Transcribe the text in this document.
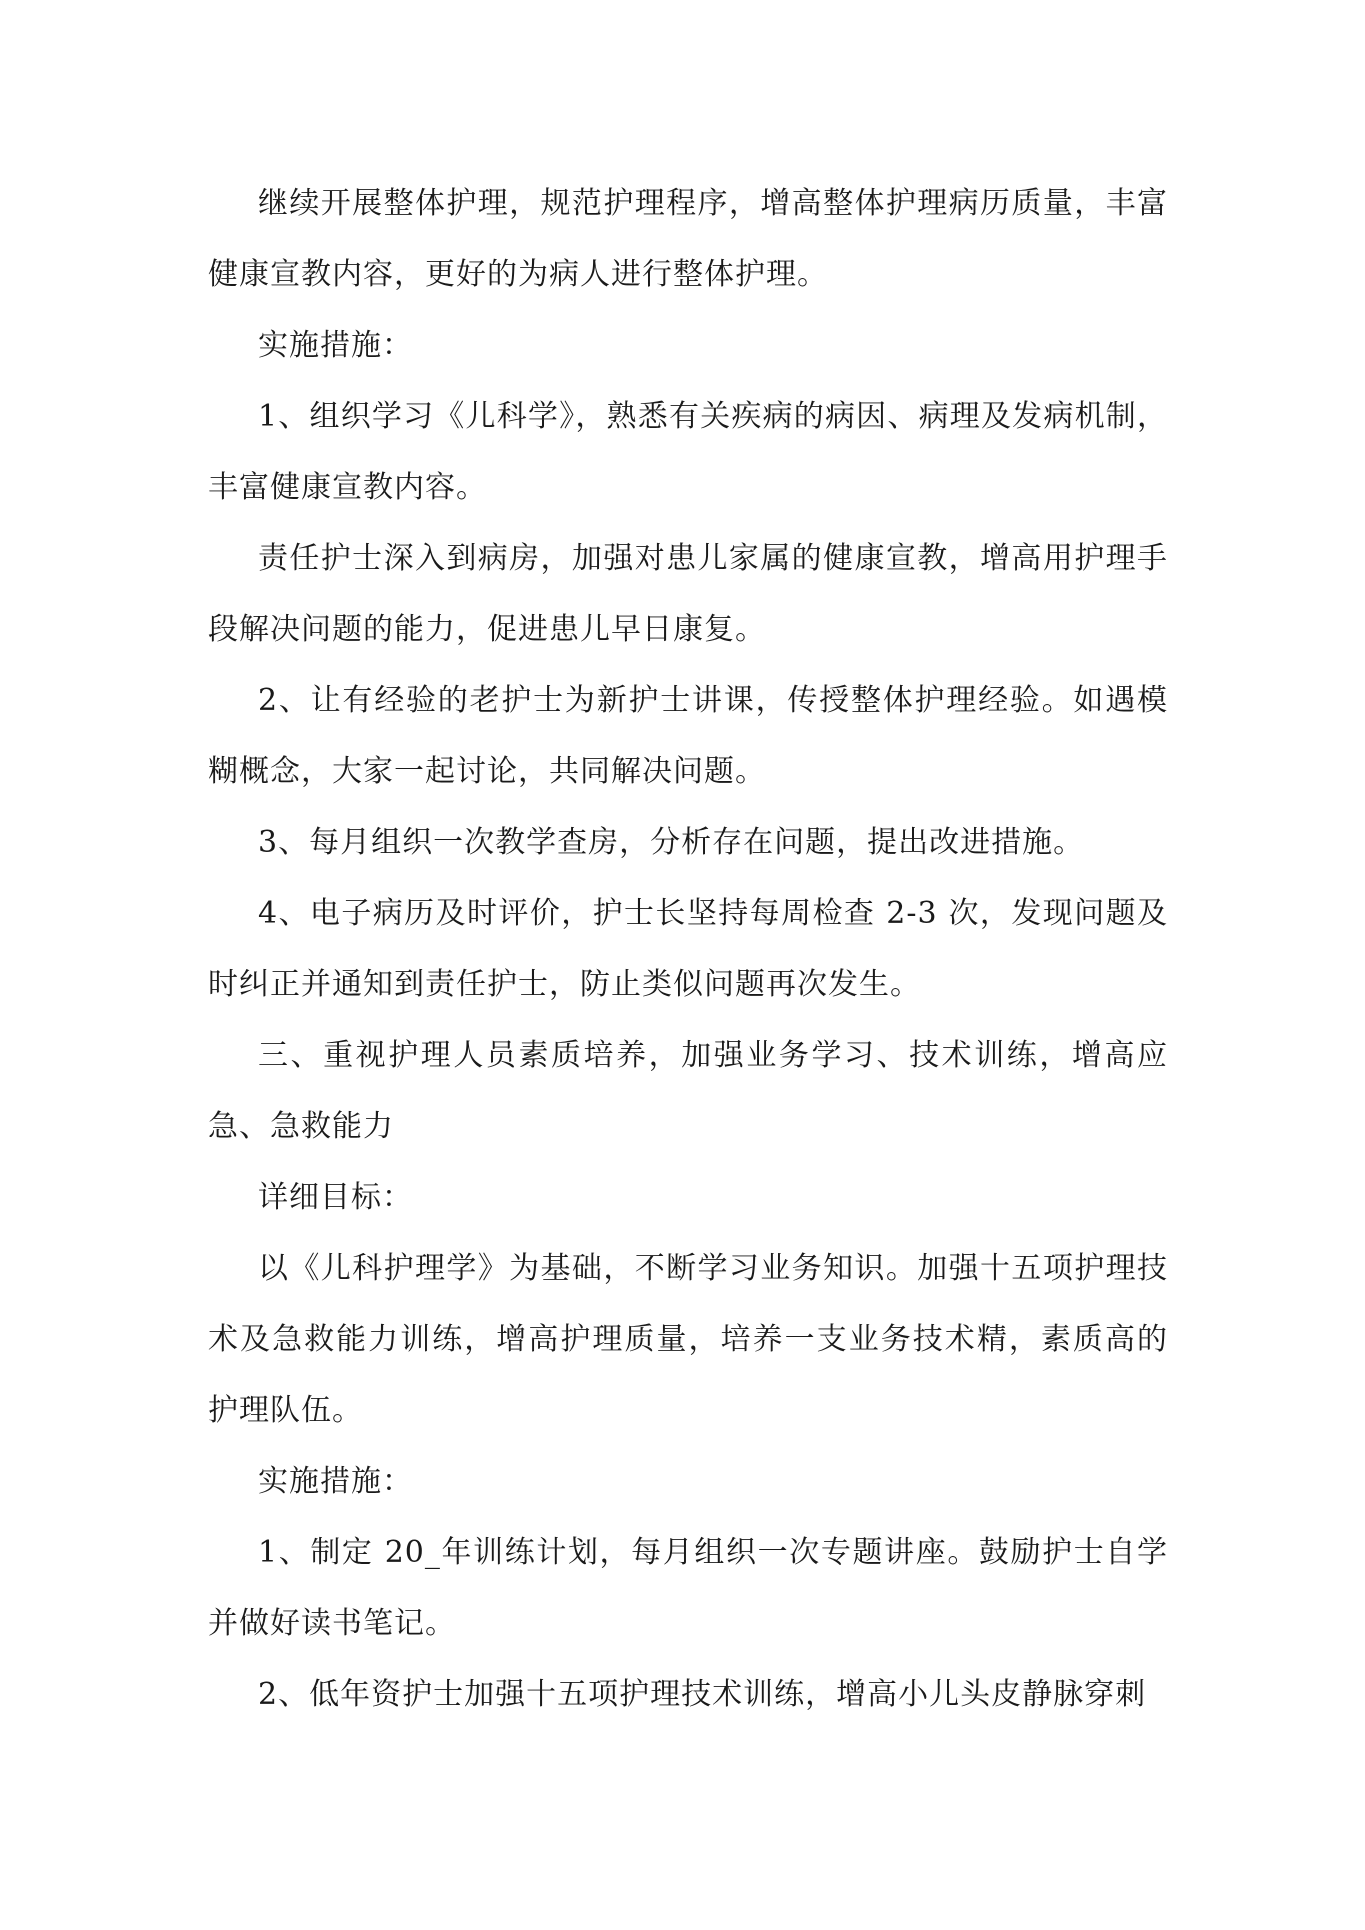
继续开展整体护理，规范护理程序，增高整体护理病历质量，丰富健康宣教内容，更好的为病人进行整体护理。

实施措施：

1、组织学习《儿科学》，熟悉有关疾病的病因、病理及发病机制，丰富健康宣教内容。

责任护士深入到病房，加强对患儿家属的健康宣教，增高用护理手段解决问题的能力，促进患儿早日康复。

2、让有经验的老护士为新护士讲课，传授整体护理经验。如遇模糊概念，大家一起讨论，共同解决问题。

3、每月组织一次教学查房，分析存在问题，提出改进措施。

4、电子病历及时评价，护士长坚持每周检查 2-3 次，发现问题及时纠正并通知到责任护士，防止类似问题再次发生。

三、重视护理人员素质培养，加强业务学习、技术训练，增高应急、急救能力

详细目标：

以《儿科护理学》为基础，不断学习业务知识。加强十五项护理技术及急救能力训练，增高护理质量，培养一支业务技术精，素质高的护理队伍。

实施措施：

1、制定 20_年训练计划，每月组织一次专题讲座。鼓励护士自学并做好读书笔记。

2、低年资护士加强十五项护理技术训练，增高小儿头皮静脉穿刺
